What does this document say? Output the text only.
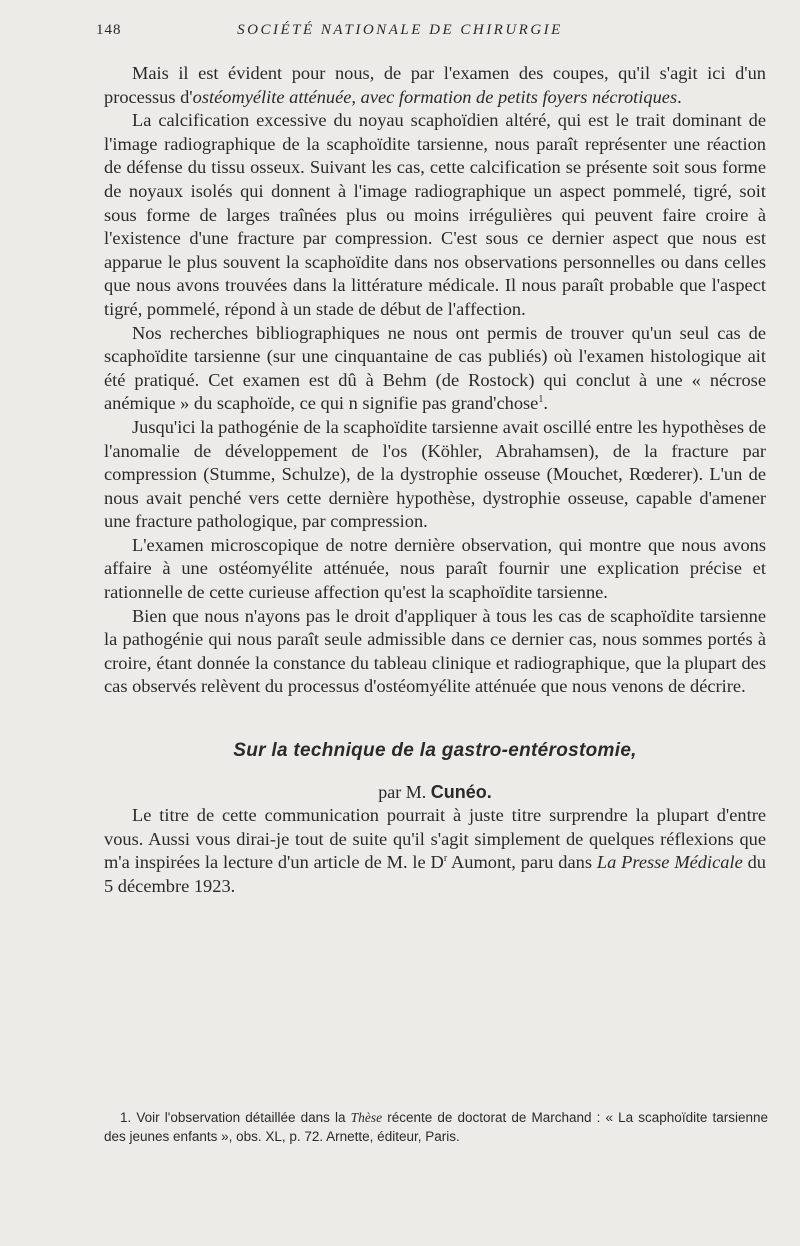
148	SOCIÉTÉ NATIONALE DE CHIRURGIE

Mais il est évident pour nous, de par l'examen des coupes, qu'il s'agit ici d'un processus d'ostéomyélite atténuée, avec formation de petits foyers nécrotiques.

La calcification excessive du noyau scaphoïdien altéré, qui est le trait dominant de l'image radiographique de la scaphoïdite tarsienne, nous paraît représenter une réaction de défense du tissu osseux. Suivant les cas, cette calcification se présente soit sous forme de noyaux isolés qui donnent à l'image radiographique un aspect pommelé, tigré, soit sous forme de larges traînées plus ou moins irrégulières qui peuvent faire croire à l'existence d'une fracture par compression. C'est sous ce dernier aspect que nous est apparue le plus souvent la scaphoïdite dans nos observations personnelles ou dans celles que nous avons trouvées dans la littérature médicale. Il nous paraît probable que l'aspect tigré, pommelé, répond à un stade de début de l'affection.

Nos recherches bibliographiques ne nous ont permis de trouver qu'un seul cas de scaphoïdite tarsienne (sur une cinquantaine de cas publiés) où l'examen histologique ait été pratiqué. Cet examen est dû à Behm (de Rostock) qui conclut à une « nécrose anémique » du scaphoïde, ce qui n signifie pas grand'chose$^1$.

Jusqu'ici la pathogénie de la scaphoïdite tarsienne avait oscillé entre les hypothèses de l'anomalie de développement de l'os (Köhler, Abrahamsen), de la fracture par compression (Stumme, Schulze), de la dystrophie osseuse (Mouchet, Rœderer). L'un de nous avait penché vers cette dernière hypothèse, dystrophie osseuse, capable d'amener une fracture pathologique, par compression.

L'examen microscopique de notre dernière observation, qui montre que nous avons affaire à une ostéomyélite atténuée, nous paraît fournir une explication précise et rationnelle de cette curieuse affection qu'est la scaphoïdite tarsienne.

Bien que nous n'ayons pas le droit d'appliquer à tous les cas de scaphoïdite tarsienne la pathogénie qui nous paraît seule admissible dans ce dernier cas, nous sommes portés à croire, étant donnée la constance du tableau clinique et radiographique, que la plupart des cas observés relèvent du processus d'ostéomyélite atténuée que nous venons de décrire.

Sur la technique de la gastro-entérostomie,
par M. Cunéo.

Le titre de cette communication pourrait à juste titre surprendre la plupart d'entre vous. Aussi vous dirai-je tout de suite qu'il s'agit simplement de quelques réflexions que m'a inspirées la lecture d'un article de M. le $D^r$ Aumont, paru dans La Presse Médicale du 5 décembre 1923.

1. Voir l'observation détaillée dans la Thèse récente de doctorat de Marchand : « La scaphoïdite tarsienne des jeunes enfants », obs. XL, p. 72. Arnette, éditeur, Paris.
